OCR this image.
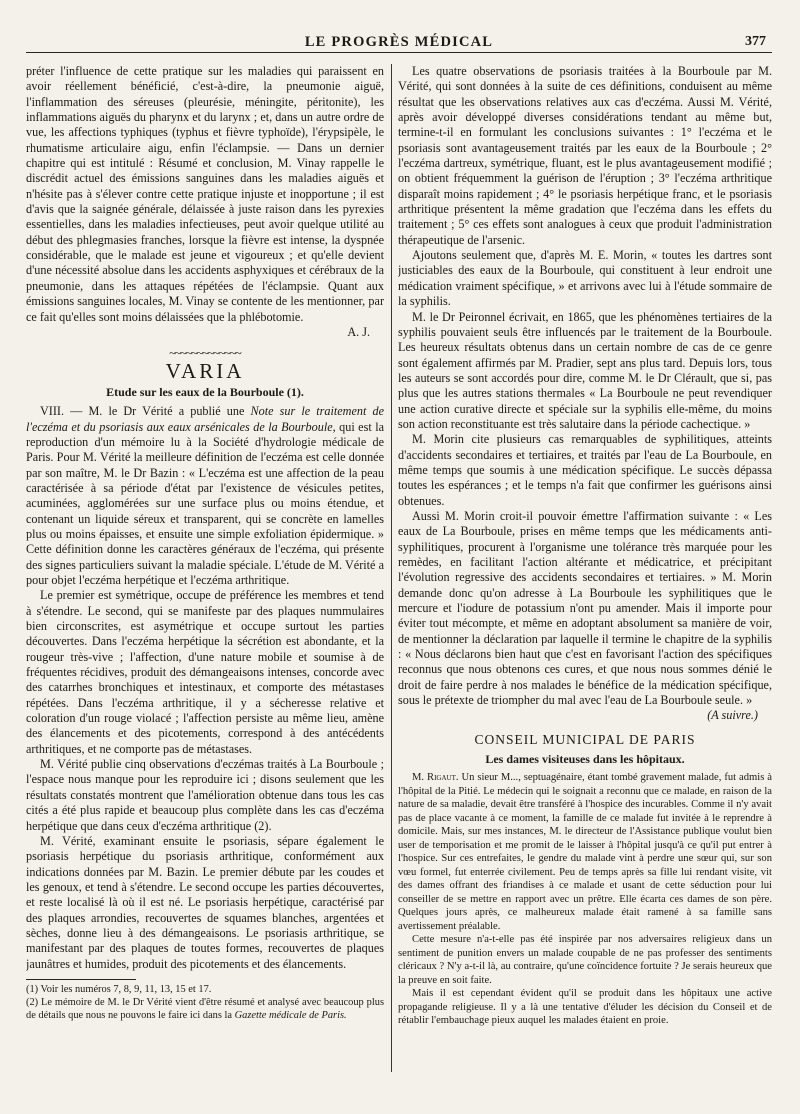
LE PROGRÈS MÉDICAL	377

préter l'influence de cette pratique sur les maladies qui paraissent en avoir réellement bénéficié, c'est-à-dire, la pneumonie aiguë, l'inflammation des séreuses (pleurésie, méningite, péritonite), les inflammations aiguës du pharynx et du larynx ; et, dans un autre ordre de vue, les affections typhiques (typhus et fièvre typhoïde), l'érypsipèle, le rhumatisme articulaire aigu, enfin l'éclampsie. — Dans un dernier chapitre qui est intitulé : Résumé et conclusion, M. Vinay rappelle le discrédit actuel des émissions sanguines dans les maladies aiguës et n'hésite pas à s'élever contre cette pratique injuste et inopportune ; il est d'avis que la saignée générale, délaissée à juste raison dans les pyrexies essentielles, dans les maladies infectieuses, peut avoir quelque utilité au début des phlegmasies franches, lorsque la fièvre est intense, la dyspnée considérable, que le malade est jeune et vigoureux ; et qu'elle devient d'une nécessité absolue dans les accidents asphyxiques et cérébraux de la pneumonie, dans les attaques répétées de l'éclampsie. Quant aux émissions sanguines locales, M. Vinay se contente de les mentionner, par ce fait qu'elles sont moins délaissées que la phlébotomie.

A. J.
~~~~~~~~~~~~~
VARIA
Etude sur les eaux de la Bourboule (1).

VIII. — M. le Dr Vérité a publié une Note sur le traitement de l'eczéma et du psoriasis aux eaux arsénicales de la Bourboule, qui est la reproduction d'un mémoire lu à la Société d'hydrologie médicale de Paris. Pour M. Vérité la meilleure définition de l'eczéma est celle donnée par son maître, M. le Dr Bazin : « L'eczéma est une affection de la peau caractérisée à sa période d'état par l'existence de vésicules petites, acuminées, agglomérées sur une surface plus ou moins étendue, et contenant un liquide séreux et transparent, qui se concrète en lamelles plus ou moins épaisses, et ensuite une simple exfoliation épidermique. » Cette définition donne les caractères généraux de l'eczéma, qui présente des signes particuliers suivant la maladie spéciale. L'étude de M. Vérité a pour objet l'eczéma herpétique et l'eczéma arthritique.

Le premier est symétrique, occupe de préférence les membres et tend à s'étendre. Le second, qui se manifeste par des plaques nummulaires bien circonscrites, est asymétrique et occupe surtout les parties découvertes. Dans l'eczéma herpétique la sécrétion est abondante, et la rougeur très-vive ; l'affection, d'une nature mobile et soumise à de fréquentes récidives, produit des démangeaisons intenses, concorde avec des catarrhes bronchiques et intestinaux, et comporte des métastases répétées. Dans l'eczéma arthritique, il y a sécheresse relative et coloration d'un rouge violacé ; l'affection persiste au même lieu, amène des élancements et des picotements, correspond à des antécédents arthritiques, et ne comporte pas de métastases.

M. Vérité publie cinq observations d'eczémas traités à La Bourboule ; l'espace nous manque pour les reproduire ici ; disons seulement que les résultats constatés montrent que l'amélioration obtenue dans tous les cas cités a été plus rapide et beaucoup plus complète dans les cas d'eczéma herpétique que dans ceux d'eczéma arthritique (2).

M. Vérité, examinant ensuite le psoriasis, sépare également le psoriasis herpétique du psoriasis arthritique, conformément aux indications données par M. Bazin. Le premier débute par les coudes et les genoux, et tend à s'étendre. Le second occupe les parties découvertes, et reste localisé là où il est né. Le psoriasis herpétique, caractérisé par des plaques arrondies, recouvertes de squames blanches, argentées et sèches, donne lieu à des démangeaisons. Le psoriasis arthritique, se manifestant par des plaques de toutes formes, recouvertes de plaques jaunâtres et humides, produit des picotements et des élancements.

(1) Voir les numéros 7, 8, 9, 11, 13, 15 et 17.

(2) Le mémoire de M. le Dr Vérité vient d'être résumé et analysé avec beaucoup plus de détails que nous ne pouvons le faire ici dans la Gazette médicale de Paris.

Les quatre observations de psoriasis traitées à la Bourboule par M. Vérité, qui sont données à la suite de ces définitions, conduisent au même résultat que les observations relatives aux cas d'eczéma. Aussi M. Vérité, après avoir développé diverses considérations tendant au même but, termine-t-il en formulant les conclusions suivantes : 1° l'eczéma et le psoriasis sont avantageusement traités par les eaux de la Bourboule ; 2° l'eczéma dartreux, symétrique, fluant, est le plus avantageusement modifié ; on obtient fréquemment la guérison de l'éruption ; 3° l'eczéma arthritique disparaît moins rapidement ; 4° le psoriasis herpétique franc, et le psoriasis arthritique présentent la même gradation que l'eczéma dans les effets du traitement ; 5° ces effets sont analogues à ceux que produit l'administration thérapeutique de l'arsenic.

Ajoutons seulement que, d'après M. E. Morin, « toutes les dartres sont justiciables des eaux de la Bourboule, qui constituent à leur endroit une médication vraiment spécifique, » et arrivons avec lui à l'étude sommaire de la syphilis.

M. le Dr Peironnel écrivait, en 1865, que les phénomènes tertiaires de la syphilis pouvaient seuls être influencés par le traitement de la Bourboule. Les heureux résultats obtenus dans un certain nombre de cas de ce genre sont également affirmés par M. Pradier, sept ans plus tard. Depuis lors, tous les auteurs se sont accordés pour dire, comme M. le Dr Clérault, que si, pas plus que les autres stations thermales « La Bourboule ne peut revendiquer une action curative directe et spéciale sur la syphilis elle-même, du moins son action reconstituante est très salutaire dans la période cachectique. »

M. Morin cite plusieurs cas remarquables de syphilitiques, atteints d'accidents secondaires et tertiaires, et traités par l'eau de La Bourboule, en même temps que soumis à une médication spécifique. Le succès dépassa toutes les espérances ; et le temps n'a fait que confirmer les guérisons ainsi obtenues.

Aussi M. Morin croit-il pouvoir émettre l'affirmation suivante : « Les eaux de La Bourboule, prises en même temps que les médicaments anti-syphilitiques, procurent à l'organisme une tolérance très marquée pour les remèdes, en facilitant l'action altérante et médicatrice, et précipitant l'évolution regressive des accidents secondaires et tertiaires. » M. Morin demande donc qu'on adresse à La Bourboule les syphilitiques que le mercure et l'iodure de potassium n'ont pu amender. Mais il importe pour éviter tout mécompte, et même en adoptant absolument sa manière de voir, de mentionner la déclaration par laquelle il termine le chapitre de la syphilis : « Nous déclarons bien haut que c'est en favorisant l'action des spécifiques reconnus que nous obtenons ces cures, et que nous nous sommes dénié le droit de faire perdre à nos malades le bénéfice de la médication spécifique, sous le prétexte de triompher du mal avec l'eau de La Bourboule seule. »

(A suivre.)
CONSEIL MUNICIPAL DE PARIS
Les dames visiteuses dans les hôpitaux.

M. Rigaut. Un sieur M..., septuagénaire, étant tombé gravement malade, fut admis à l'hôpital de la Pitié. Le médecin qui le soignait a reconnu que ce malade, en raison de la nature de sa maladie, devait être transféré à l'hospice des incurables. Comme il n'y avait pas de place vacante à ce moment, la famille de ce malade fut invitée à le reprendre à domicile. Mais, sur mes instances, M. le directeur de l'Assistance publique voulut bien user de temporisation et me promit de le laisser à l'hôpital jusqu'à ce qu'il put entrer à l'hospice. Sur ces entrefaites, le gendre du malade vint à perdre une sœur qui, sur son vœu formel, fut enterrée civilement. Peu de temps après sa fille lui rendant visite, vit des dames offrant des friandises à ce malade et usant de cette séduction pour lui conseiller de se mettre en rapport avec un prêtre. Elle écarta ces dames de son père. Quelques jours après, ce malheureux malade était ramené à sa famille sans avertissement préalable.

Cette mesure n'a-t-elle pas été inspirée par nos adversaires religieux dans un sentiment de punition envers un malade coupable de ne pas professer des sentiments cléricaux ? N'y a-t-il là, au contraire, qu'une coïncidence fortuite ? Je serais heureux que la preuve en soit faite.

Mais il est cependant évident qu'il se produit dans les hôpitaux une active propagande religieuse. Il y a là une tentative d'éluder les décision du Conseil et de rétablir l'embauchage pieux auquel les malades étaient en proie.
